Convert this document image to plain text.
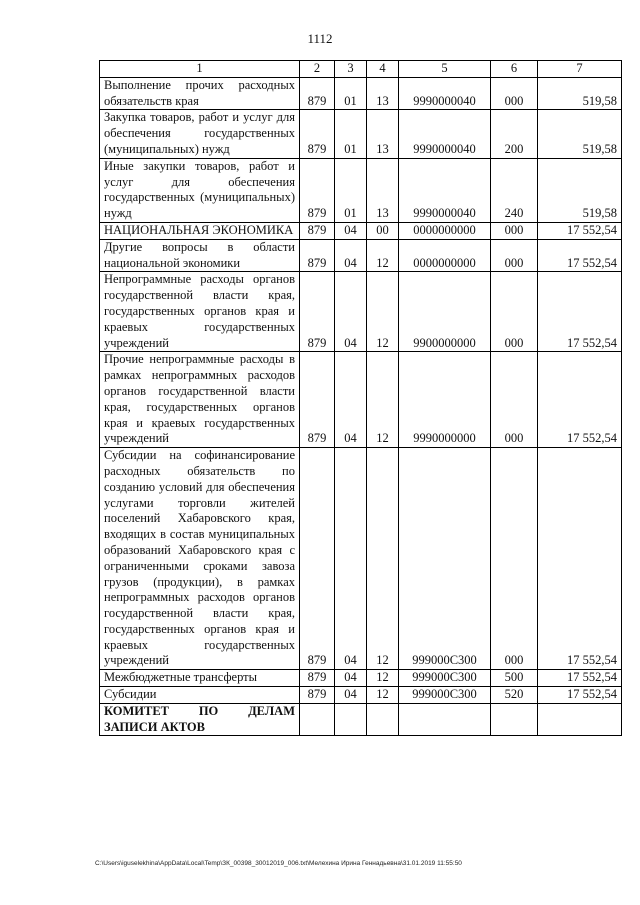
1112
1	2	3	4	5	6	7
Выполнение прочих расходных обязательств края	879	01	13	9990000040	000	519,58
Закупка товаров, работ и услуг для обеспечения государственных (муниципальных) нужд	879	01	13	9990000040	200	519,58
Иные закупки товаров, работ и услуг для обеспечения государственных (муниципальных) нужд	879	01	13	9990000040	240	519,58
НАЦИОНАЛЬНАЯ ЭКОНОМИКА	879	04	00	0000000000	000	17 552,54
Другие вопросы в области национальной экономики	879	04	12	0000000000	000	17 552,54
Непрограммные расходы органов государственной власти края, государственных органов края и краевых государственных учреждений	879	04	12	9900000000	000	17 552,54
Прочие непрограммные расходы в рамках непрограммных расходов органов государственной власти края, государственных органов края и краевых государственных учреждений	879	04	12	9990000000	000	17 552,54
Субсидии на софинансирование расходных обязательств по созданию условий для обеспечения услугами торговли жителей поселений Хабаровского края, входящих в состав муниципальных образований Хабаровского края с ограниченными сроками завоза грузов (продукции), в рамках непрограммных расходов органов государственной власти края, государственных органов края и краевых государственных учреждений	879	04	12	999000С300	000	17 552,54
Межбюджетные трансферты	879	04	12	999000С300	500	17 552,54
Субсидии	879	04	12	999000С300	520	17 552,54
КОМИТЕТ ПО ДЕЛАМ ЗАПИСИ АКТОВ						
C:\Users\iguselekhina\AppData\Local\Temp\ЗК_00398_30012019_006.txt\Мелехина Ирина Геннадьевна\31.01.2019 11:55:50
